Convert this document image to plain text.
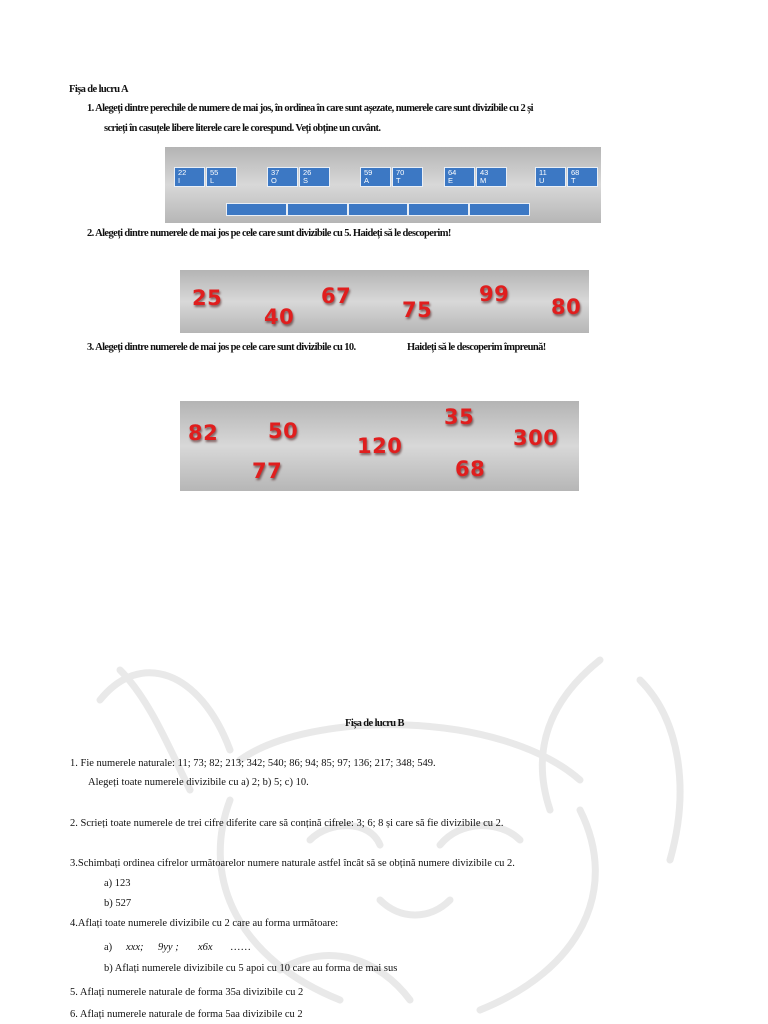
Fişa de lucru A
1. Alegeți dintre perechile de numere de mai jos, în ordinea în care sunt așezate, numerele care sunt divizibile cu 2 și
scrieți în casuțele libere literele care le corespund. Veți obține un cuvânt.
22
I
55
L
37
O
26
S
59
A
70
T
64
E
43
M
11
U
68
T
2. Alegeți dintre numerele de mai jos pe cele care sunt divizibile cu 5. Haideți să le descoperim!
25
40
67
75
99
80
3. Alegeți dintre numerele de mai jos pe cele care sunt divizibile cu 10.	Haideți să le descoperim împreună!
82 50
77
120
35
68
300
Fișa de lucru B
1. Fie numerele naturale: 11; 73; 82; 213; 342; 540; 86; 94; 85; 97; 136; 217; 348; 549.
Alegeți toate numerele divizibile cu a) 2; b) 5; c) 10.
2. Scrieți toate numerele de trei cifre diferite care să conțină cifrele: 3; 6; 8 și care să fie divizibile cu 2.
3.Schimbați ordinea cifrelor următoarelor numere naturale astfel încât să se obțină numere divizibile cu 2.
a) 123
b) 527
4.Aflați toate numerele divizibile cu 2 care au forma următoare:
a) xxx; 9yy ; x6x ……
b) Aflați numerele divizibile cu 5 apoi cu 10 care au forma de mai sus
5. Aflați numerele naturale de forma 35a divizibile cu 2
6. Aflați numerele naturale de forma 5aa divizibile cu 2
